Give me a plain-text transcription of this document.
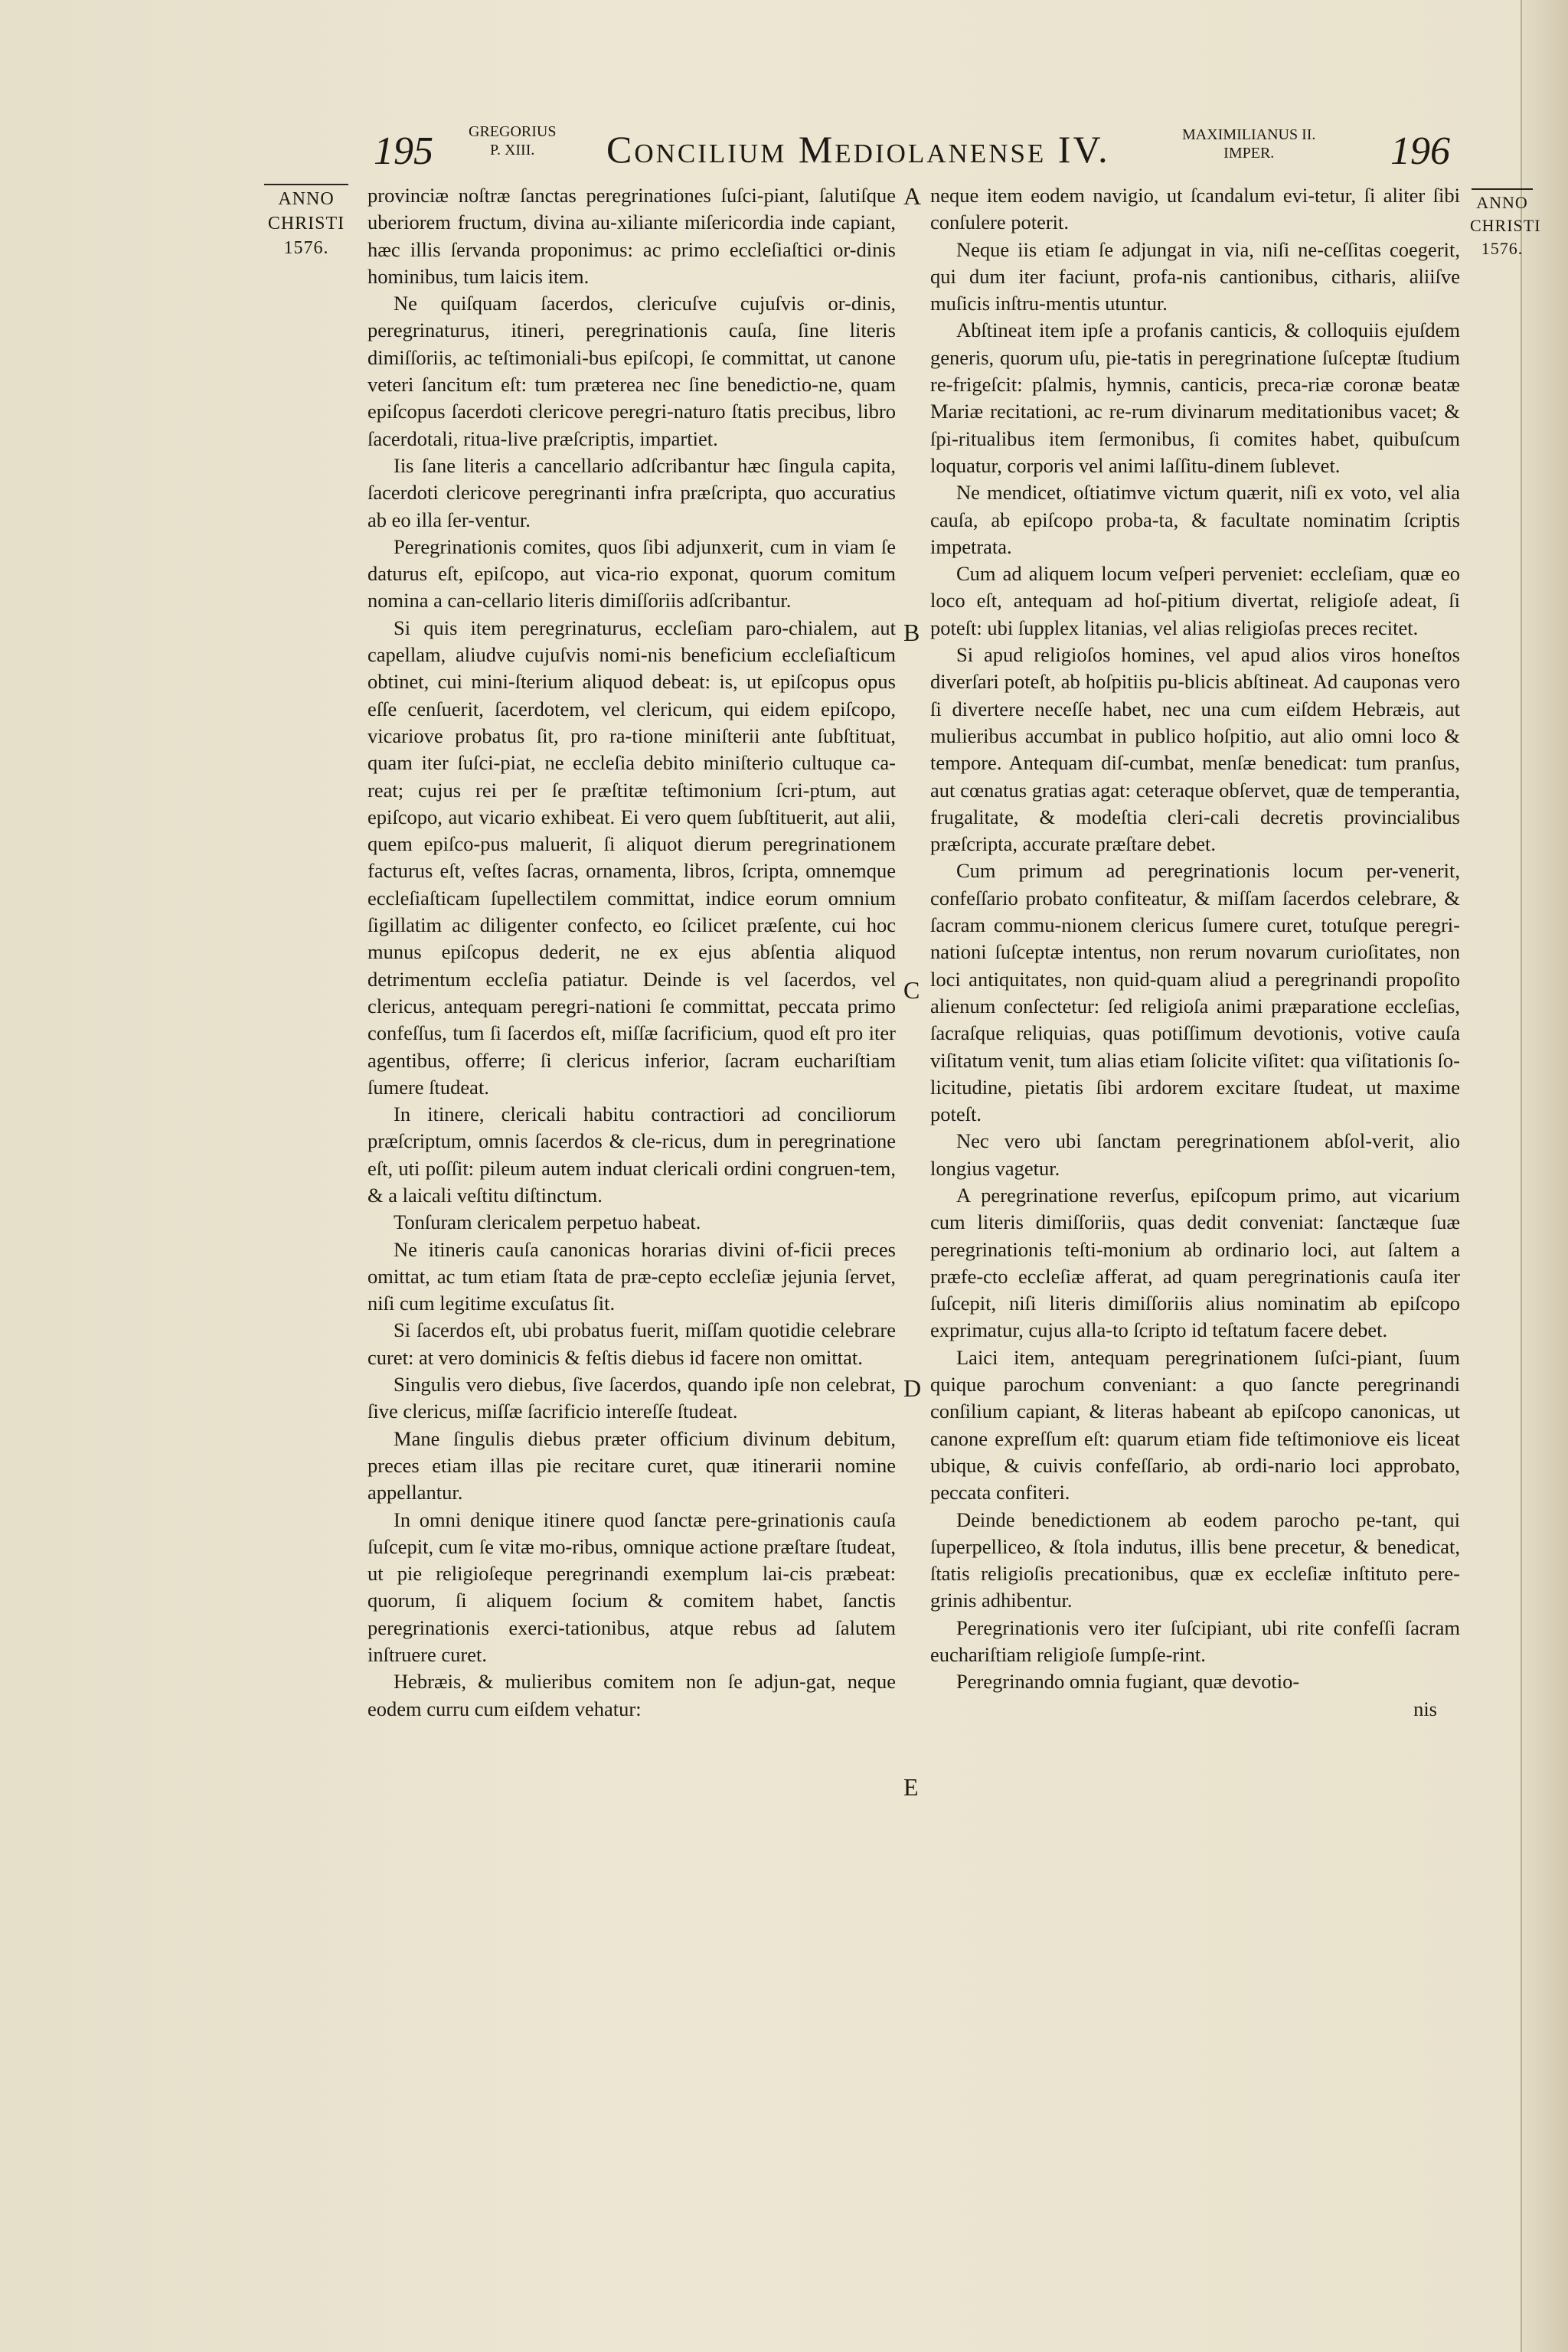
195 GREGORIUS
P. XIII.	Concilium Mediolanense IV.	MAXIMILIANUS II.
IMPER.	196
ANNO
CHRISTI
1576.
ANNO
CHRISTI
1576.

provinciæ noſtræ ſanctas peregrinationes ſuſci-piant, ſalutiſque uberiorem fructum, divina au-xiliante miſericordia inde capiant, hæc illis ſervanda proponimus: ac primo eccleſiaſtici or-dinis hominibus, tum laicis item.

Ne quiſquam ſacerdos, clericuſve cujuſvis or-dinis, peregrinaturus, itineri, peregrinationis cauſa, ſine literis dimiſſoriis, ac teſtimoniali-bus epiſcopi, ſe committat, ut canone veteri ſancitum eſt: tum præterea nec ſine benedictio-ne, quam epiſcopus ſacerdoti clericove peregri-naturo ſtatis precibus, libro ſacerdotali, ritua-live præſcriptis, impartiet.

Iis ſane literis a cancellario adſcribantur hæc ſingula capita, ſacerdoti clericove peregrinanti infra præſcripta, quo accuratius ab eo illa ſer-ventur.

Peregrinationis comites, quos ſibi adjunxerit, cum in viam ſe daturus eſt, epiſcopo, aut vica-rio exponat, quorum comitum nomina a can-cellario literis dimiſſoriis adſcribantur.

Si quis item peregrinaturus, eccleſiam paro-chialem, aut capellam, aliudve cujuſvis nomi-nis beneficium eccleſiaſticum obtinet, cui mini-ſterium aliquod debeat: is, ut epiſcopus opus eſſe cenſuerit, ſacerdotem, vel clericum, qui eidem epiſcopo, vicariove probatus ſit, pro ra-tione miniſterii ante ſubſtituat, quam iter ſuſci-piat, ne eccleſia debito miniſterio cultuque ca-reat; cujus rei per ſe præſtitæ teſtimonium ſcri-ptum, aut epiſcopo, aut vicario exhibeat. Ei vero quem ſubſtituerit, aut alii, quem epiſco-pus maluerit, ſi aliquot dierum peregrinationem facturus eſt, veſtes ſacras, ornamenta, libros, ſcripta, omnemque eccleſiaſticam ſupellectilem committat, indice eorum omnium ſigillatim ac diligenter confecto, eo ſcilicet præſente, cui hoc munus epiſcopus dederit, ne ex ejus abſentia aliquod detrimentum eccleſia patiatur. Deinde is vel ſacerdos, vel clericus, antequam peregri-nationi ſe committat, peccata primo confeſſus, tum ſi ſacerdos eſt, miſſæ ſacrificium, quod eſt pro iter agentibus, offerre; ſi clericus inferior, ſacram euchariſtiam ſumere ſtudeat.

In itinere, clericali habitu contractiori ad conciliorum præſcriptum, omnis ſacerdos & cle-ricus, dum in peregrinatione eſt, uti poſſit: pileum autem induat clericali ordini congruen-tem, & a laicali veſtitu diſtinctum.

Tonſuram clericalem perpetuo habeat.

Ne itineris cauſa canonicas horarias divini of-ficii preces omittat, ac tum etiam ſtata de præ-cepto eccleſiæ jejunia ſervet, niſi cum legitime excuſatus ſit.

Si ſacerdos eſt, ubi probatus fuerit, miſſam quotidie celebrare curet: at vero dominicis & feſtis diebus id facere non omittat.

Singulis vero diebus, ſive ſacerdos, quando ipſe non celebrat, ſive clericus, miſſæ ſacrificio intereſſe ſtudeat.

Mane ſingulis diebus præter officium divinum debitum, preces etiam illas pie recitare curet, quæ itinerarii nomine appellantur.

In omni denique itinere quod ſanctæ pere-grinationis cauſa ſuſcepit, cum ſe vitæ mo-ribus, omnique actione præſtare ſtudeat, ut pie religioſeque peregrinandi exemplum lai-cis præbeat: quorum, ſi aliquem ſocium & comitem habet, ſanctis peregrinationis exerci-tationibus, atque rebus ad ſalutem inſtruere curet.

Hebræis, & mulieribus comitem non ſe adjun-gat, neque eodem curru cum eiſdem vehatur:

A
B
C
D
E

neque item eodem navigio, ut ſcandalum evi-tetur, ſi aliter ſibi conſulere poterit.

Neque iis etiam ſe adjungat in via, niſi ne-ceſſitas coegerit, qui dum iter faciunt, profa-nis cantionibus, citharis, aliiſve muſicis inſtru-mentis utuntur.

Abſtineat item ipſe a profanis canticis, & colloquiis ejuſdem generis, quorum uſu, pie-tatis in peregrinatione ſuſceptæ ſtudium re-frigeſcit: pſalmis, hymnis, canticis, preca-riæ coronæ beatæ Mariæ recitationi, ac re-rum divinarum meditationibus vacet; & ſpi-ritualibus item ſermonibus, ſi comites habet, quibuſcum loquatur, corporis vel animi laſſitu-dinem ſublevet.

Ne mendicet, oſtiatimve victum quærit, niſi ex voto, vel alia cauſa, ab epiſcopo proba-ta, & facultate nominatim ſcriptis impetrata.

Cum ad aliquem locum veſperi perveniet: eccleſiam, quæ eo loco eſt, antequam ad hoſ-pitium divertat, religioſe adeat, ſi poteſt: ubi ſupplex litanias, vel alias religioſas preces recitet.

Si apud religioſos homines, vel apud alios viros honeſtos diverſari poteſt, ab hoſpitiis pu-blicis abſtineat. Ad cauponas vero ſi divertere neceſſe habet, nec una cum eiſdem Hebræis, aut mulieribus accumbat in publico hoſpitio, aut alio omni loco & tempore. Antequam diſ-cumbat, menſæ benedicat: tum pranſus, aut cœnatus gratias agat: ceteraque obſervet, quæ de temperantia, frugalitate, & modeſtia cleri-cali decretis provincialibus præſcripta, accurate præſtare debet.

Cum primum ad peregrinationis locum per-venerit, confeſſario probato confiteatur, & miſſam ſacerdos celebrare, & ſacram commu-nionem clericus ſumere curet, totuſque peregri-nationi ſuſceptæ intentus, non rerum novarum curioſitates, non loci antiquitates, non quid-quam aliud a peregrinandi propoſito alienum conſectetur: ſed religioſa animi præparatione eccleſias, ſacraſque reliquias, quas potiſſimum devotionis, votive cauſa viſitatum venit, tum alias etiam ſolicite viſitet: qua viſitationis ſo-licitudine, pietatis ſibi ardorem excitare ſtudeat, ut maxime poteſt.

Nec vero ubi ſanctam peregrinationem abſol-verit, alio longius vagetur.

A peregrinatione reverſus, epiſcopum primo, aut vicarium cum literis dimiſſoriis, quas dedit conveniat: ſanctæque ſuæ peregrinationis teſti-monium ab ordinario loci, aut ſaltem a præfe-cto eccleſiæ afferat, ad quam peregrinationis cauſa iter ſuſcepit, niſi literis dimiſſoriis alius nominatim ab epiſcopo exprimatur, cujus alla-to ſcripto id teſtatum facere debet.

Laici item, antequam peregrinationem ſuſci-piant, ſuum quique parochum conveniant: a quo ſancte peregrinandi conſilium capiant, & literas habeant ab epiſcopo canonicas, ut canone expreſſum eſt: quarum etiam fide teſtimoniove eis liceat ubique, & cuivis confeſſario, ab ordi-nario loci approbato, peccata confiteri.

Deinde benedictionem ab eodem parocho pe-tant, qui ſuperpelliceo, & ſtola indutus, illis bene precetur, & benedicat, ſtatis religioſis precationibus, quæ ex eccleſiæ inſtituto pere-grinis adhibentur.

Peregrinationis vero iter ſuſcipiant, ubi rite confeſſi ſacram euchariſtiam religioſe ſumpſe-rint.

Peregrinando omnia fugiant, quæ devotio-

nis
